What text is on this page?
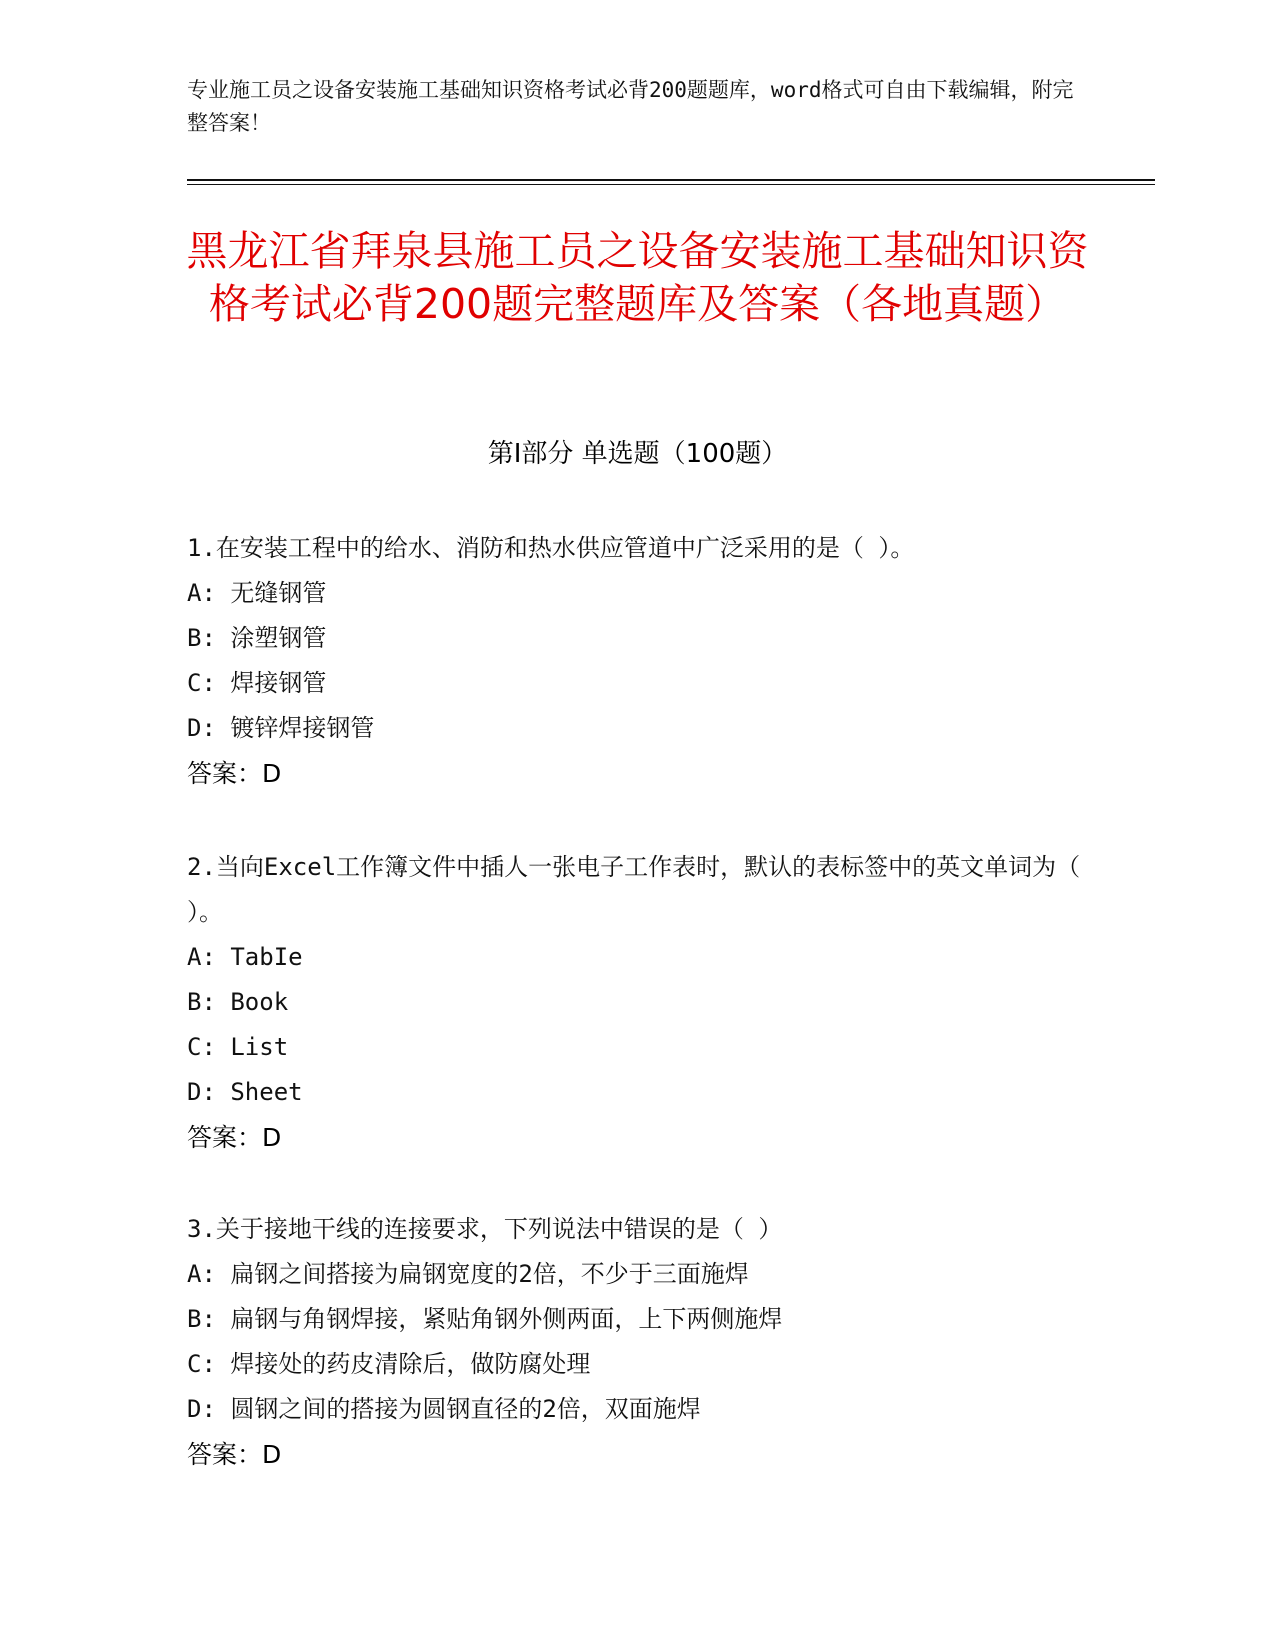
专业施工员之设备安装施工基础知识资格考试必背200题题库，word格式可自由下载编辑，附完整答案！
黑龙江省拜泉县施工员之设备安装施工基础知识资格考试必背200题完整题库及答案（各地真题）
第I部分 单选题（100题）
1.在安装工程中的给水、消防和热水供应管道中广泛采用的是（ ）。
A: 无缝钢管
B: 涂塑钢管
C: 焊接钢管
D: 镀锌焊接钢管
答案：D
2.当向Excel工作簿文件中插人一张电子工作表时，默认的表标签中的英文单词为（ ）。
A: TabIe
B: Book
C: List
D: Sheet
答案：D
3.关于接地干线的连接要求，下列说法中错误的是（ ）
A: 扁钢之间搭接为扁钢宽度的2倍，不少于三面施焊
B: 扁钢与角钢焊接，紧贴角钢外侧两面，上下两侧施焊
C: 焊接处的药皮清除后，做防腐处理
D: 圆钢之间的搭接为圆钢直径的2倍，双面施焊
答案：D
